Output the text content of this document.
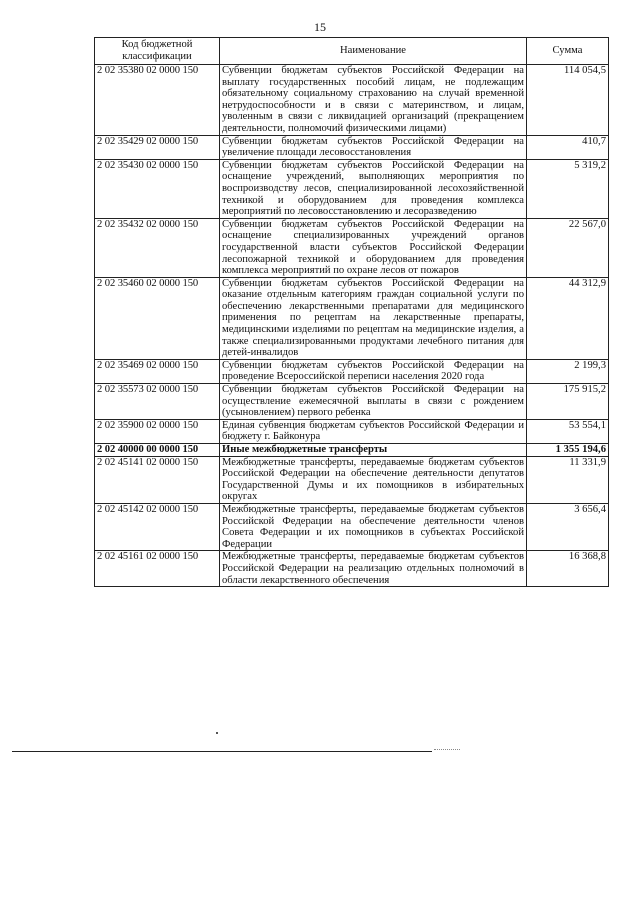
15
Код бюджетной классификации	Наименование	Сумма
2 02 35380 02 0000 150	Субвенции бюджетам субъектов Российской Федерации на выплату государственных пособий лицам, не подлежащим обязательному социальному страхованию на случай временной нетрудоспособности и в связи с материнством, и лицам, уволенным в связи с ликвидацией организаций (прекращением деятельности, полномочий физическими лицами)	114 054,5
2 02 35429 02 0000 150	Субвенции бюджетам субъектов Российской Федерации на увеличение площади лесовосстановления	410,7
2 02 35430 02 0000 150	Субвенции бюджетам субъектов Российской Федерации на оснащение учреждений, выполняющих мероприятия по воспроизводству лесов, специализированной лесохозяйственной техникой и оборудованием для проведения комплекса мероприятий по лесовосстановлению и лесоразведению	5 319,2
2 02 35432 02 0000 150	Субвенции бюджетам субъектов Российской Федерации на оснащение специализированных учреждений органов государственной власти субъектов Российской Федерации лесопожарной техникой и оборудованием для проведения комплекса мероприятий по охране лесов от пожаров	22 567,0
2 02 35460 02 0000 150	Субвенции бюджетам субъектов Российской Федерации на оказание отдельным категориям граждан социальной услуги по обеспечению лекарственными препаратами для медицинского применения по рецептам на лекарственные препараты, медицинскими изделиями по рецептам на медицинские изделия, а также специализированными продуктами лечебного питания для детей-инвалидов	44 312,9
2 02 35469 02 0000 150	Субвенции бюджетам субъектов Российской Федерации на проведение Всероссийской переписи населения 2020 года	2 199,3
2 02 35573 02 0000 150	Субвенции бюджетам субъектов Российской Федерации на осуществление ежемесячной выплаты в связи с рождением (усыновлением) первого ребенка	175 915,2
2 02 35900 02 0000 150	Единая субвенция бюджетам субъектов Российской Федерации и бюджету г. Байконура	53 554,1
2 02 40000 00 0000 150	Иные межбюджетные трансферты	1 355 194,6
2 02 45141 02 0000 150	Межбюджетные трансферты, передаваемые бюджетам субъектов Российской Федерации на обеспечение деятельности депутатов Государственной Думы и их помощников в избирательных округах	11 331,9
2 02 45142 02 0000 150	Межбюджетные трансферты, передаваемые бюджетам субъектов Российской Федерации на обеспечение деятельности членов Совета Федерации и их помощников в субъектах Российской Федерации	3 656,4
2 02 45161 02 0000 150	Межбюджетные трансферты, передаваемые бюджетам субъектов Российской Федерации на реализацию отдельных полномочий в области лекарственного обеспечения	16 368,8
